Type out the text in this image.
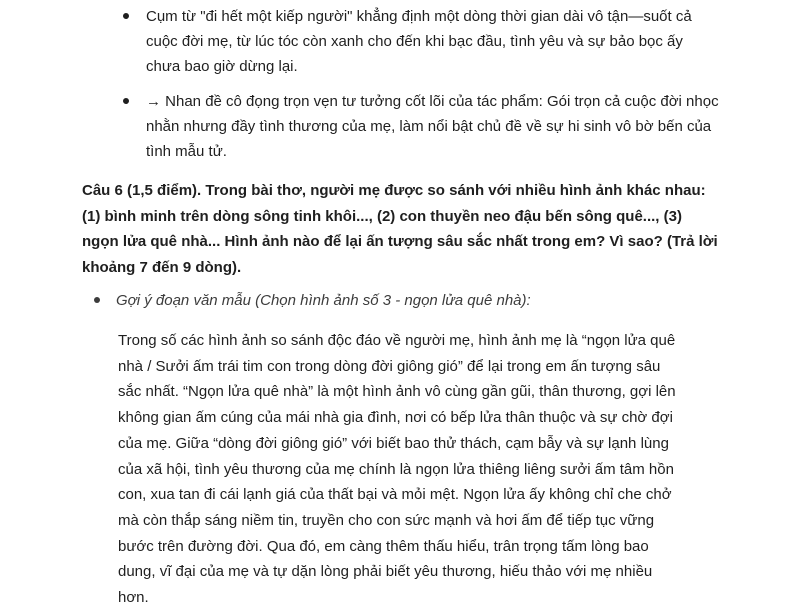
Cụm từ "đi hết một kiếp người" khẳng định một dòng thời gian dài vô tận—suốt cả cuộc đời mẹ, từ lúc tóc còn xanh cho đến khi bạc đầu, tình yêu và sự bảo bọc ấy chưa bao giờ dừng lại.
→ Nhan đề cô đọng trọn vẹn tư tưởng cốt lõi của tác phẩm: Gói trọn cả cuộc đời nhọc nhằn nhưng đầy tình thương của mẹ, làm nổi bật chủ đề về sự hi sinh vô bờ bến của tình mẫu tử.

Câu 6 (1,5 điểm). Trong bài thơ, người mẹ được so sánh với nhiều hình ảnh khác nhau: (1) bình minh trên dòng sông tinh khôi..., (2) con thuyền neo đậu bến sông quê..., (3) ngọn lửa quê nhà... Hình ảnh nào để lại ấn tượng sâu sắc nhất trong em? Vì sao? (Trả lời khoảng 7 đến 9 dòng).

Gợi ý đoạn văn mẫu (Chọn hình ảnh số 3 - ngọn lửa quê nhà):

Trong số các hình ảnh so sánh độc đáo về người mẹ, hình ảnh mẹ là “ngọn lửa quê nhà / Sưởi ấm trái tim con trong dòng đời giông gió” để lại trong em ấn tượng sâu sắc nhất. “Ngọn lửa quê nhà” là một hình ảnh vô cùng gần gũi, thân thương, gợi lên không gian ấm cúng của mái nhà gia đình, nơi có bếp lửa thân thuộc và sự chờ đợi của mẹ. Giữa “dòng đời giông gió” với biết bao thử thách, cạm bẫy và sự lạnh lùng của xã hội, tình yêu thương của mẹ chính là ngọn lửa thiêng liêng sưởi ấm tâm hồn con, xua tan đi cái lạnh giá của thất bại và mỏi mệt. Ngọn lửa ấy không chỉ che chở mà còn thắp sáng niềm tin, truyền cho con sức mạnh và hơi ấm để tiếp tục vững bước trên đường đời. Qua đó, em càng thêm thấu hiểu, trân trọng tấm lòng bao dung, vĩ đại của mẹ và tự dặn lòng phải biết yêu thương, hiếu thảo với mẹ nhiều hơn.
